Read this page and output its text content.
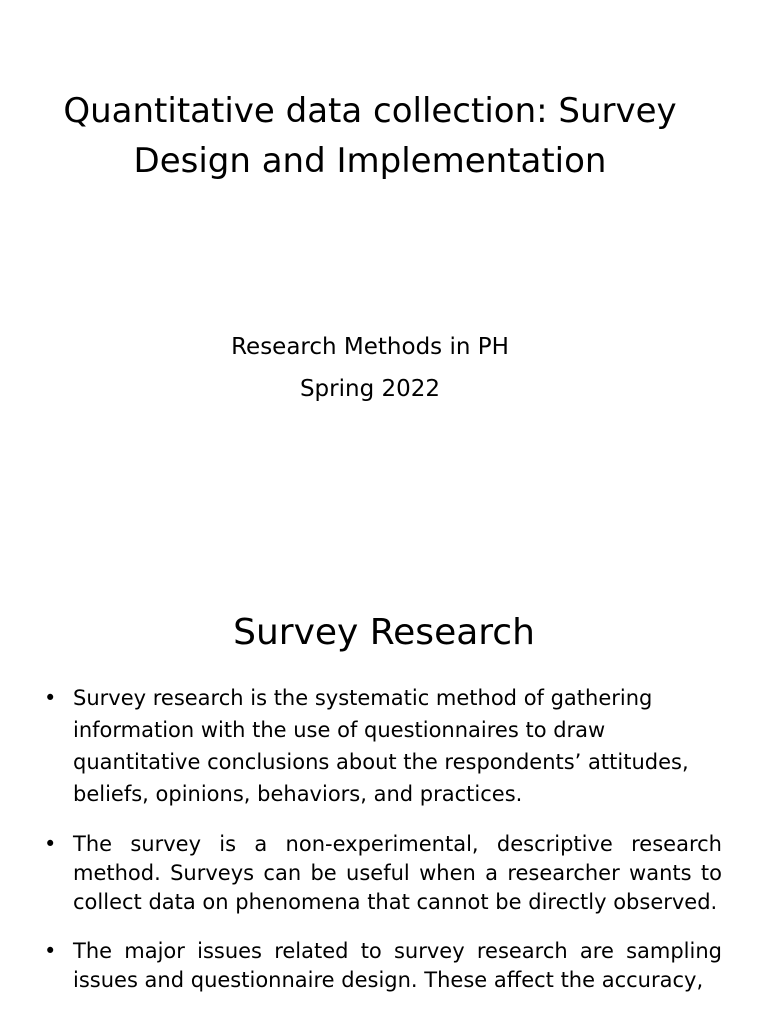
Quantitative data collection: Survey Design and Implementation
Research Methods in PH
Spring 2022
Survey Research
• Survey research is the systematic method of gathering information with the use of questionnaires to draw quantitative conclusions about the respondents’ attitudes, beliefs, opinions, behaviors, and practices.
• The survey is a non-experimental, descriptive research method. Surveys can be useful when a researcher wants to collect data on phenomena that cannot be directly observed.
• The major issues related to survey research are sampling issues and questionnaire design. These affect the accuracy,
